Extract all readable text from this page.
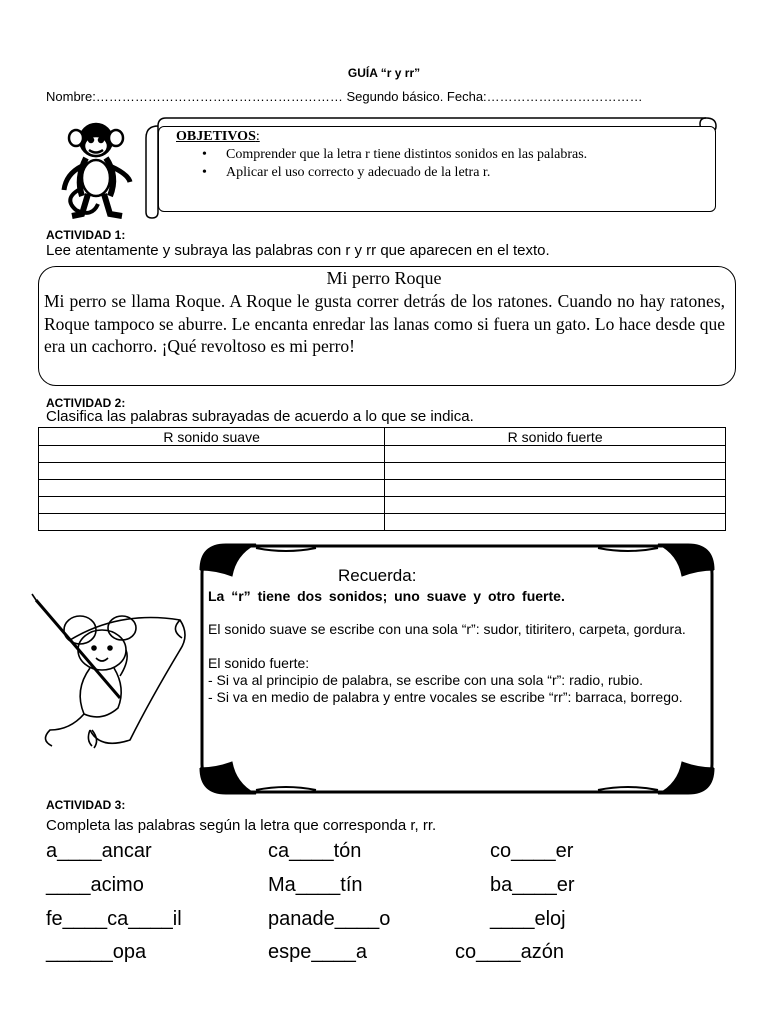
GUÍA “r y rr”
Nombre:………………………………………………… Segundo básico. Fecha:………………………………
OBJETIVOS:
• Comprender que la letra r tiene distintos sonidos en las palabras.
• Aplicar el uso correcto y adecuado de la letra r.
ACTIVIDAD 1:
Lee atentamente y subraya las palabras con r y rr que aparecen en el texto.
Mi perro Roque
Mi perro se llama Roque. A Roque le gusta correr detrás de los ratones. Cuando no hay ratones, Roque tampoco se aburre. Le encanta enredar las lanas como si fuera un gato. Lo hace desde que era un cachorro. ¡Qué revoltoso es mi perro!
ACTIVIDAD 2:
Clasifica las palabras subrayadas de acuerdo a lo que se indica.
R sonido suave	R sonido fuerte

Recuerda:

La “r” tiene dos sonidos; uno suave y otro fuerte.

El sonido suave se escribe con una sola “r”: sudor, titiritero, carpeta, gordura.

El sonido fuerte:

- Si va al principio de palabra, se escribe con una sola “r”: radio, rubio.

- Si va en medio de palabra y entre vocales se escribe “rr”: barraca, borrego.

ACTIVIDAD 3:
Completa las palabras según la letra que corresponda r, rr.
a____ancar	ca____tón	co____er
____acimo	Ma____tín	ba____er
fe____ca____il	panade____o	____eloj
______opa	espe____a	co____azón
